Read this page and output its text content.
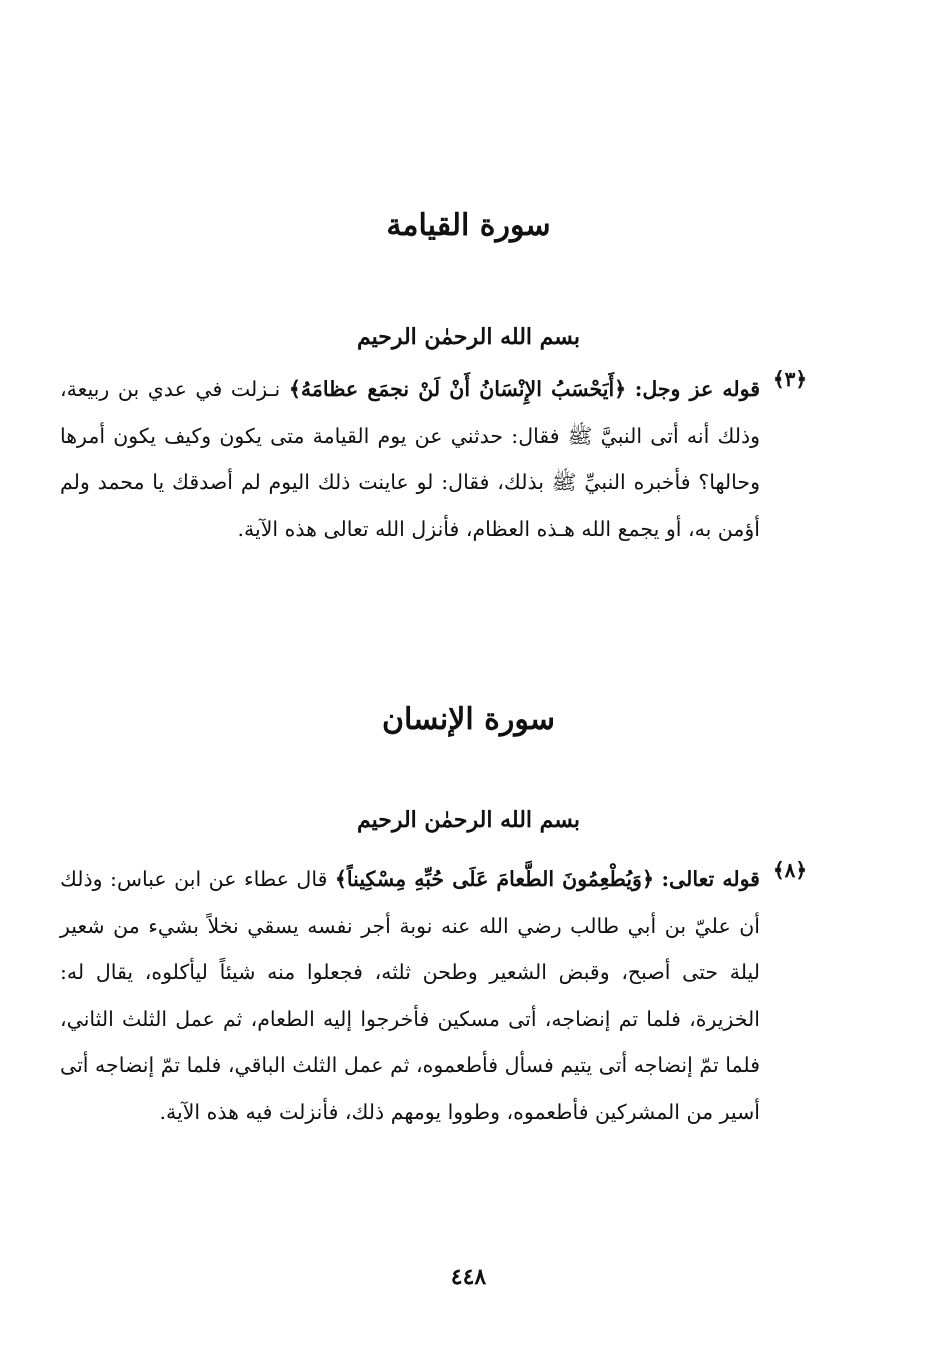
سورة القيامة
بسم الله الرحمٰن الرحيم
﴿٣﴾
قوله عز وجل: ﴿أَيَحْسَبُ الإِنْسَانُ أَنْ لَنْ نجمَع عظامَهُ﴾ نـزلت في عدي بن ربيعة، وذلك أنه أتى النبيَّ ﷺ فقال: حدثني عن يوم القيامة متى يكون وكيف يكون أمرها وحالها؟ فأخبره النبيِّ ﷺ بذلك، فقال: لو عاينت ذلك اليوم لم أصدقك يا محمد ولم أؤمن به، أو يجمع الله هـذه العظام، فأنزل الله تعالى هذه الآية.
سورة الإنسان
بسم الله الرحمٰن الرحيم
﴿٨﴾
قوله تعالى: ﴿وَيُطْعِمُونَ الطَّعامَ عَلَى حُبِّهِ مِسْكِيناً﴾ قال عطاء عن ابن عباس: وذلك أن عليّ بن أبي طالب رضي الله عنه نوبة أجر نفسه يسقي نخلاً بشيء من شعير ليلة حتى أصبح، وقبض الشعير وطحن ثلثه، فجعلوا منه شيئاً ليأكلوه، يقال له: الخزيرة، فلما تم إنضاجه، أتى مسكين فأخرجوا إليه الطعام، ثم عمل الثلث الثاني، فلما تمّ إنضاجه أتى يتيم فسأل فأطعموه، ثم عمل الثلث الباقي، فلما تمّ إنضاجه أتى أسير من المشركين فأطعموه، وطووا يومهم ذلك، فأنزلت فيه هذه الآية.
٤٤٨
